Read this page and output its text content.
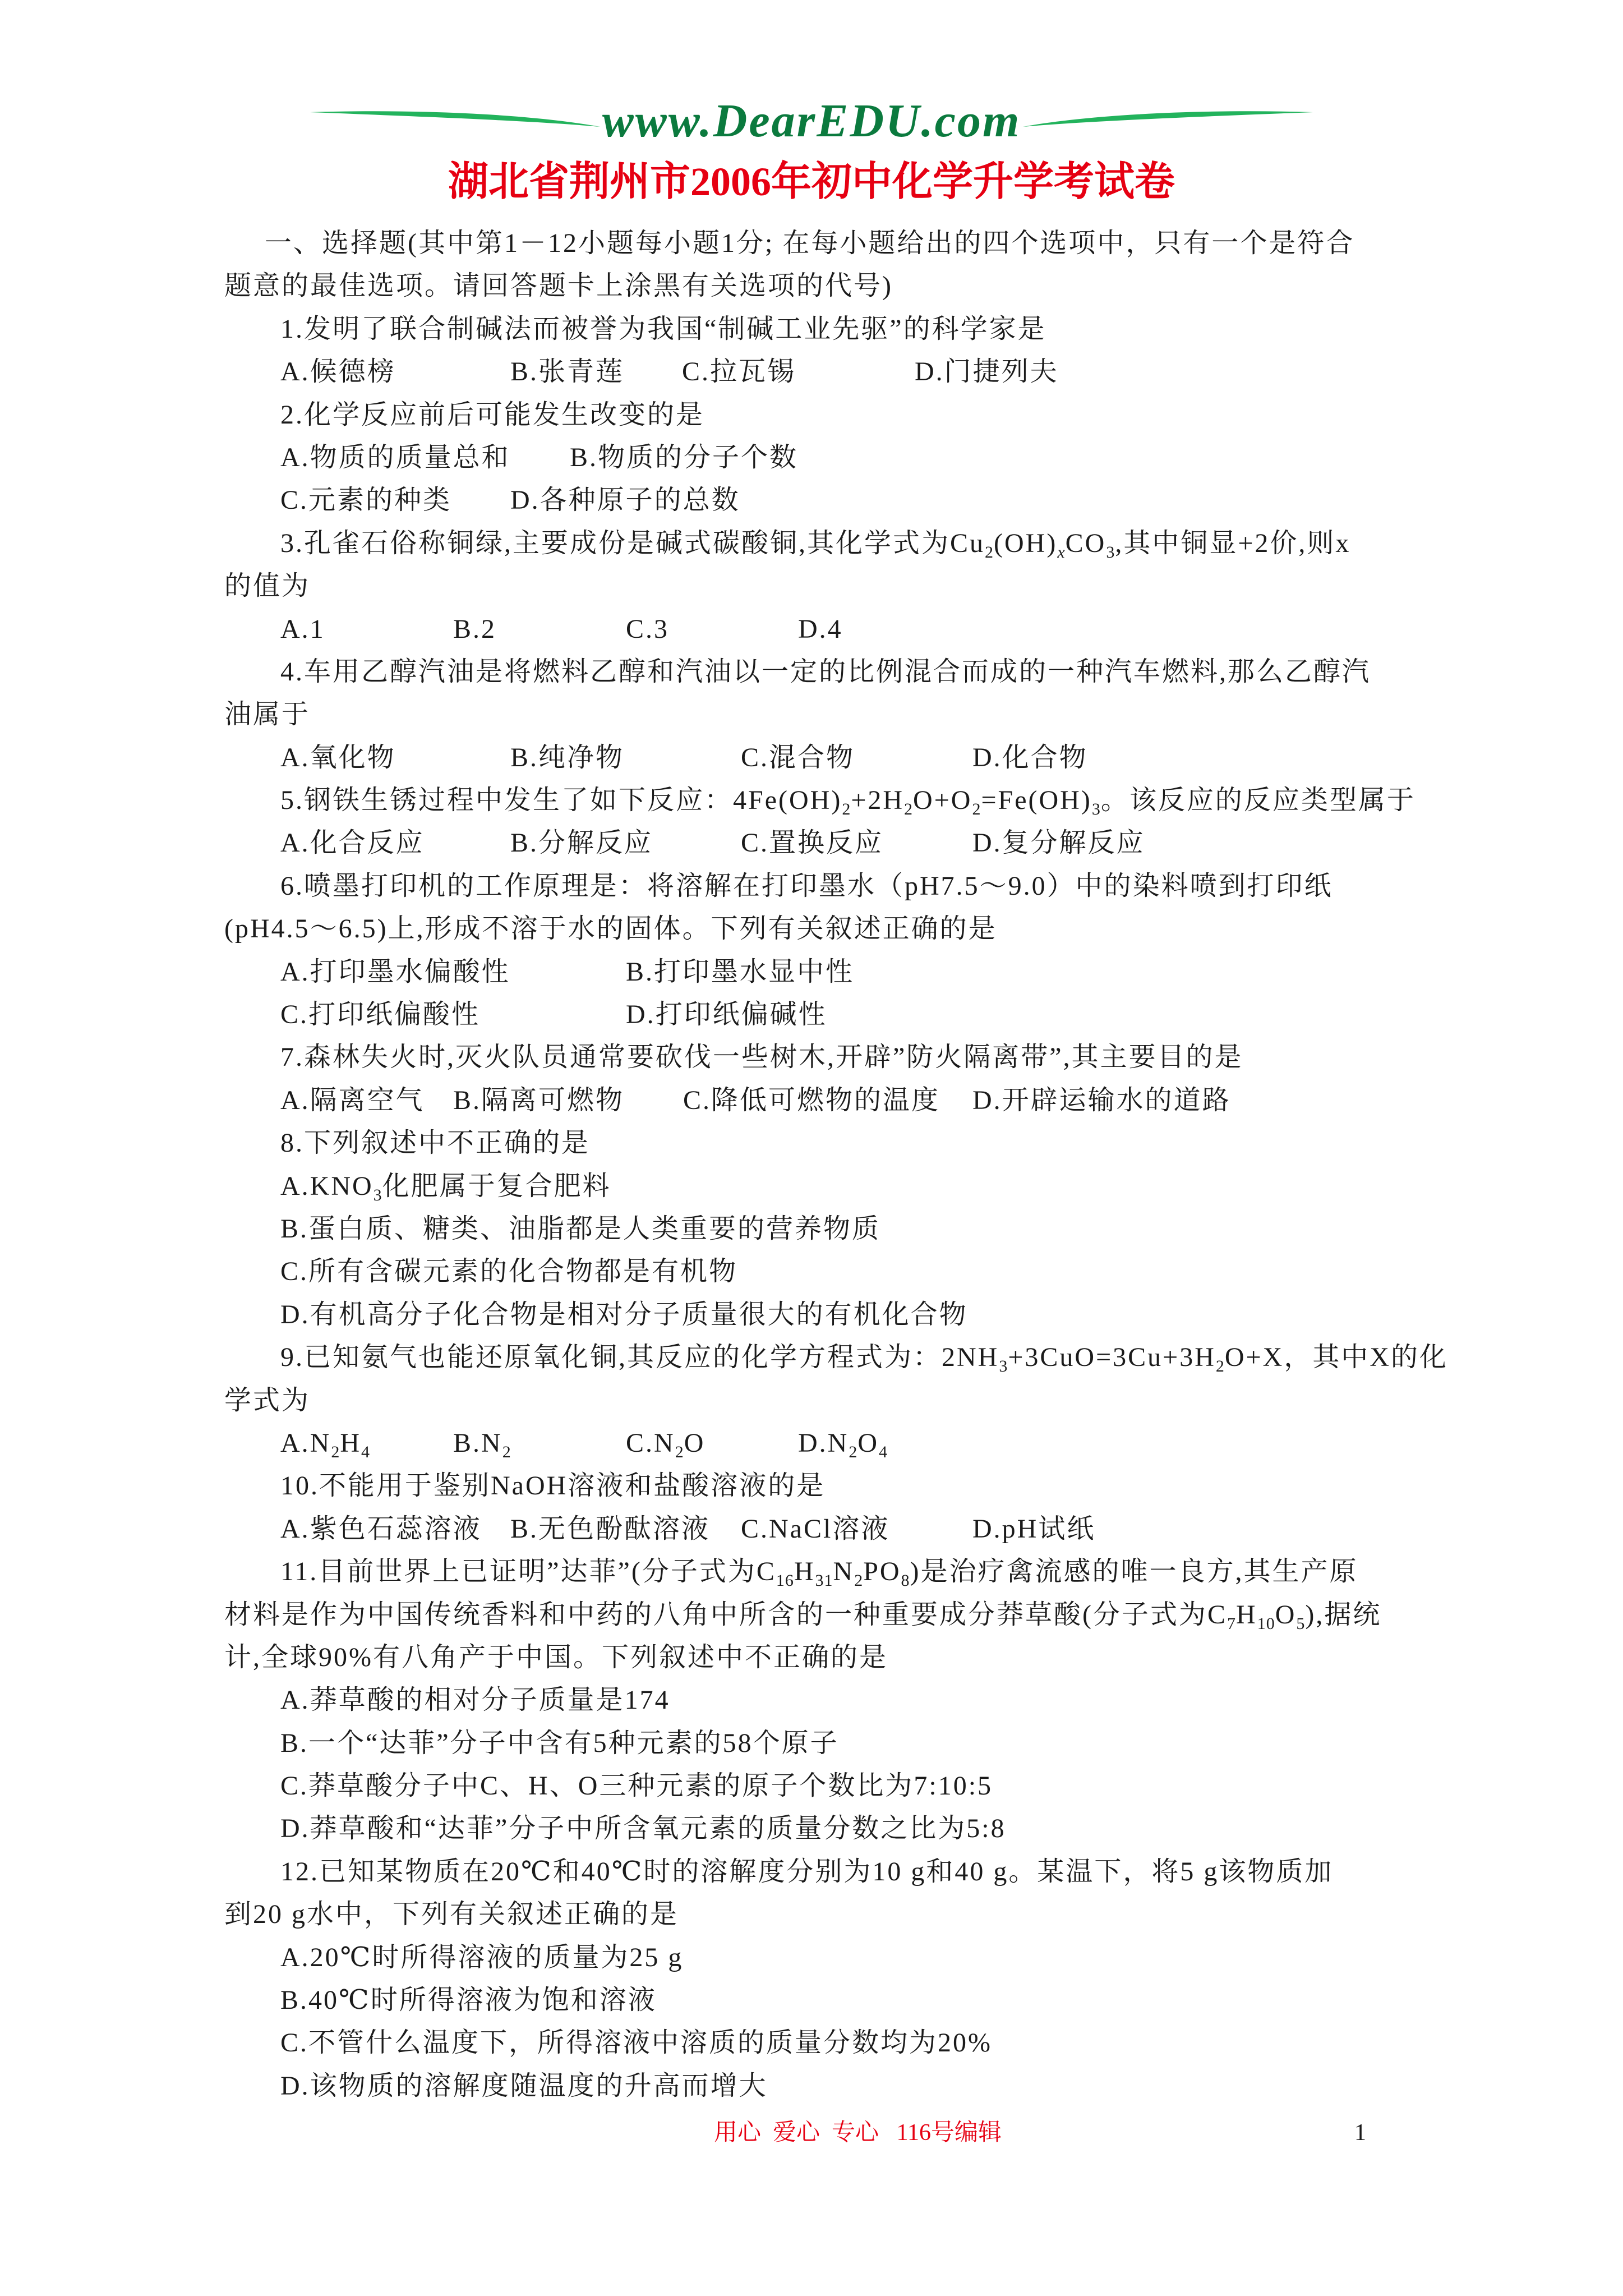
www.DearEDU.com
湖北省荆州市2006年初中化学升学考试卷
一、选择题(其中第1－12小题每小题1分; 在每小题给出的四个选项中，只有一个是符合
题意的最佳选项。请回答题卡上涂黑有关选项的代号)
1.发明了联合制碱法而被誉为我国“制碱工业先驱”的科学家是
A.候德榜	B.张青莲 C.拉瓦锡	D.门捷列夫
2.化学反应前后可能发生改变的是
A.物质的质量总和 B.物质的分子个数
C.元素的种类 D.各种原子的总数
3.孔雀石俗称铜绿,主要成份是碱式碳酸铜,其化学式为$Cu_2(OH)_xCO_3$,其中铜显+2价,则x
的值为
A.1	B.2	C.3	D.4
4.车用乙醇汽油是将燃料乙醇和汽油以一定的比例混合而成的一种汽车燃料,那么乙醇汽
油属于
A.氧化物	B.纯净物	C.混合物	D.化合物
5.钢铁生锈过程中发生了如下反应：$4Fe(OH)_2+2H_2O+O_2=Fe(OH)_3$。该反应的反应类型属于
A.化合反应	B.分解反应	C.置换反应	D.复分解反应
6.喷墨打印机的工作原理是：将溶解在打印墨水（pH7.5～9.0）中的染料喷到打印纸
(pH4.5～6.5)上,形成不溶于水的固体。下列有关叙述正确的是
A.打印墨水偏酸性	B.打印墨水显中性
C.打印纸偏酸性	D.打印纸偏碱性
7.森林失火时,灭火队员通常要砍伐一些树木,开辟”防火隔离带”,其主要目的是
A.隔离空气 B.隔离可燃物 C.降低可燃物的温度 D.开辟运输水的道路
8.下列叙述中不正确的是
$A.KNO_3$化肥属于复合肥料
B.蛋白质、糖类、油脂都是人类重要的营养物质
C.所有含碳元素的化合物都是有机物
D.有机高分子化合物是相对分子质量很大的有机化合物
9.已知氨气也能还原氧化铜,其反应的化学方程式为：$2NH_3+3CuO=3Cu+3H_2O+X$，其中X的化
学式为
$A.N_2H_4$	$B.N_2$	$C.N_2O$	$D.N_2O_4$
10.不能用于鉴别NaOH溶液和盐酸溶液的是
A.紫色石蕊溶液 B.无色酚酞溶液 C.NaCl溶液	D.pH试纸
11.目前世界上已证明”达菲”(分子式为$C_{16}H_{31}N_2PO_8$)是治疗禽流感的唯一良方,其生产原
材料是作为中国传统香料和中药的八角中所含的一种重要成分莽草酸(分子式为$C_7H_{10}O_5$),据统
计,全球90%有八角产于中国。下列叙述中不正确的是
A.莽草酸的相对分子质量是174
B.一个“达菲”分子中含有5种元素的58个原子
C.莽草酸分子中C、H、O三种元素的原子个数比为7:10:5
D.莽草酸和“达菲”分子中所含氧元素的质量分数之比为5:8
12.已知某物质在20℃和40℃时的溶解度分别为10 g和40 g。某温下，将5 g该物质加
到20 g水中，下列有关叙述正确的是
A.20℃时所得溶液的质量为25 g
B.40℃时所得溶液为饱和溶液
C.不管什么温度下，所得溶液中溶质的质量分数均为20%
D.该物质的溶解度随温度的升高而增大
用心  爱心  专心   116号编辑	1
